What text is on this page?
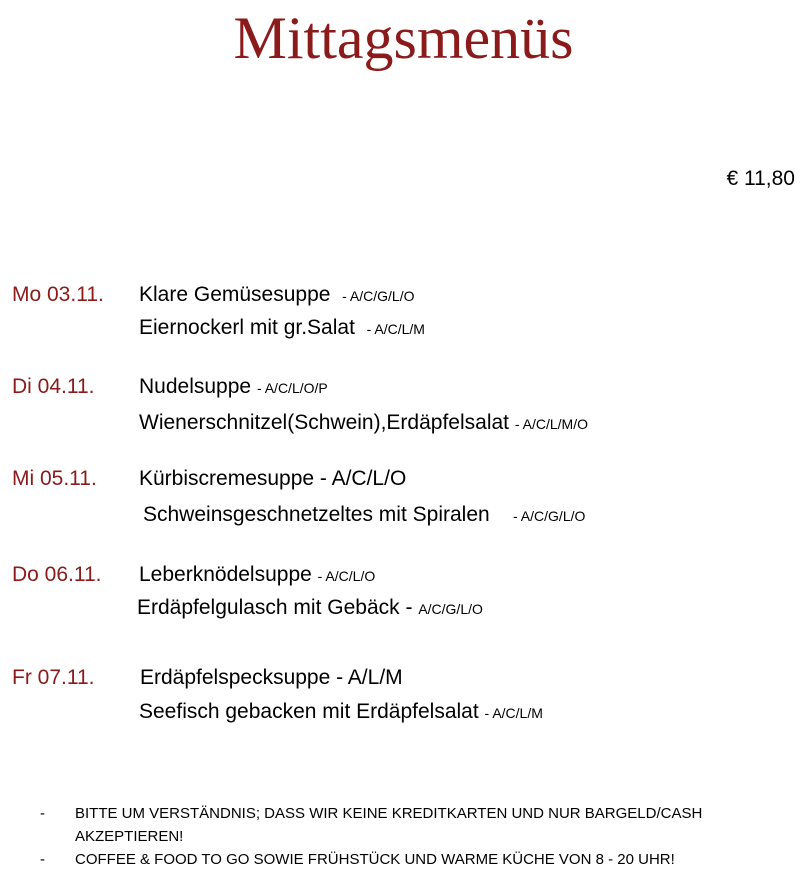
Mittagsmenüs
€ 11,80
Mo 03.11. Klare Gemüsesuppe - A/C/G/L/O
Eiernockerl mit gr.Salat - A/C/L/M
Di 04.11. Nudelsuppe - A/C/L/O/P
Wienerschnitzel(Schwein),Erdäpfelsalat - A/C/L/M/O
Mi 05.11. Kürbiscremesuppe - A/C/L/O
Schweinsgeschnetzeltes mit Spiralen - A/C/G/L/O
Do 06.11. Leberknödelsuppe - A/C/L/O
Erdäpfelgulasch mit Gebäck - A/C/G/L/O
Fr 07.11. Erdäpfelspecksuppe - A/L/M
Seefisch gebacken mit Erdäpfelsalat - A/C/L/M
- BITTE UM VERSTÄNDNIS; DASS WIR KEINE KREDITKARTEN UND NUR BARGELD/CASH AKZEPTIEREN!
- COFFEE & FOOD TO GO SOWIE FRÜHSTÜCK UND WARME KÜCHE VON 8 - 20 UHR!
